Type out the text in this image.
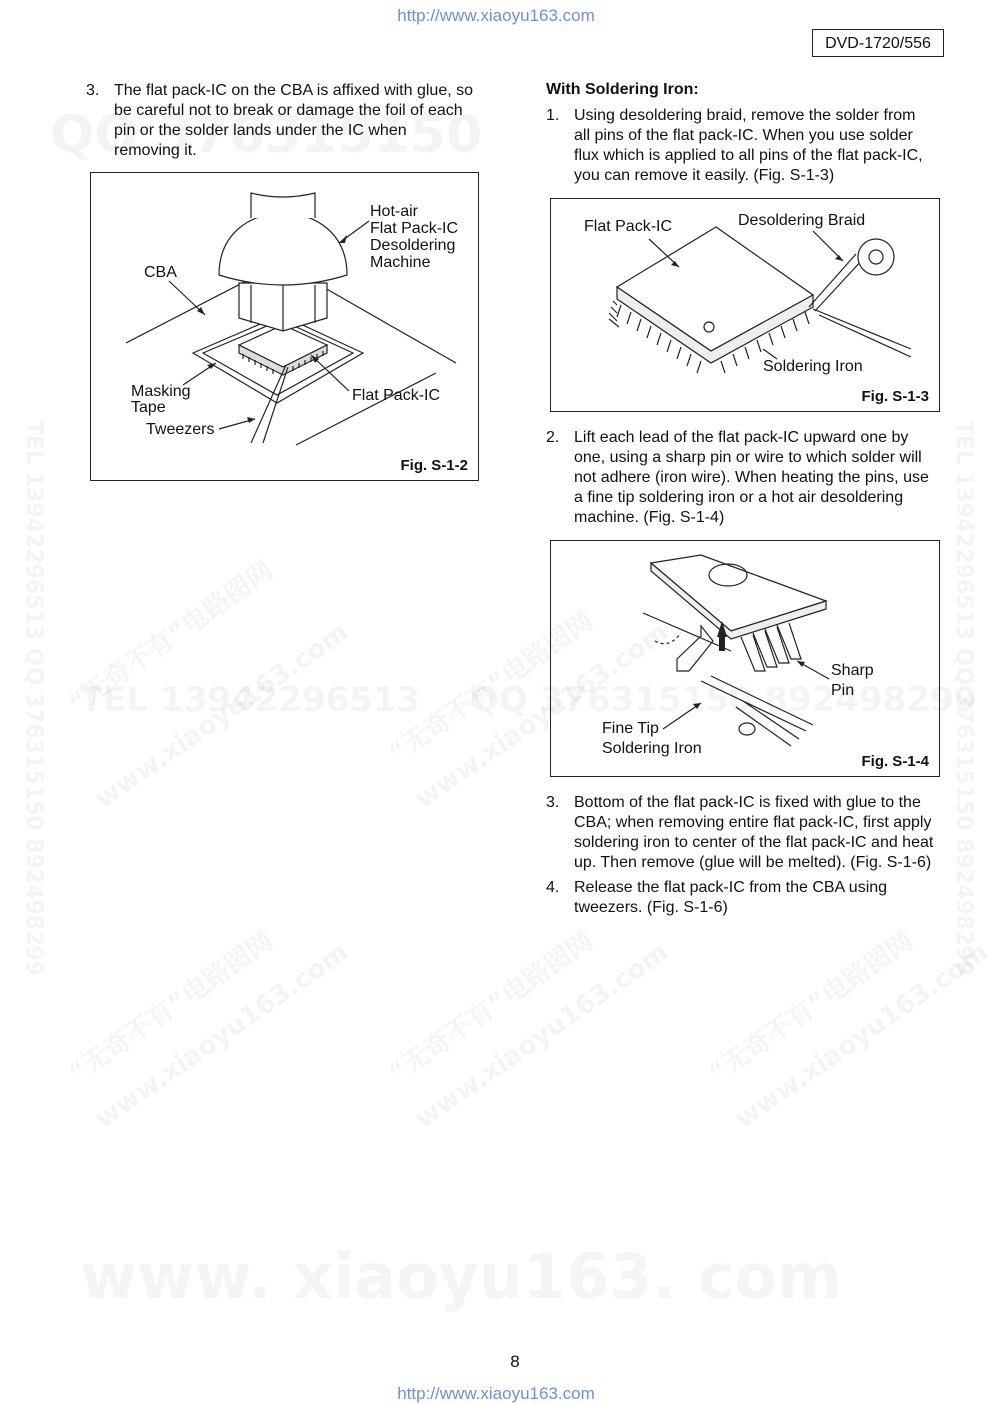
http://www.xiaoyu163.com
DVD-1720/556
3. The flat pack-IC on the CBA is affixed with glue, so
be careful not to break or damage the foil of each
pin or the solder lands under the IC when
removing it.
Hot-air
Flat Pack-IC
Desoldering
Machine
CBA
Masking
Tape
Flat Pack-IC
Tweezers
Fig. S-1-2
With Soldering Iron:
1. Using desoldering braid, remove the solder from
all pins of the flat pack-IC. When you use solder
flux which is applied to all pins of the flat pack-IC,
you can remove it easily. (Fig. S-1-3)
Flat Pack-IC	Desoldering Braid
Soldering Iron
Fig. S-1-3
2. Lift each lead of the flat pack-IC upward one by
one, using a sharp pin or wire to which solder will
not adhere (iron wire). When heating the pins, use
a fine tip soldering iron or a hot air desoldering
machine. (Fig. S-1-4)
Sharp
Pin
Fine Tip
Soldering Iron
Fig. S-1-4
3. Bottom of the flat pack-IC is fixed with glue to the
CBA; when removing entire flat pack-IC, first apply
soldering iron to center of the flat pack-IC and heat
up. Then remove (glue will be melted). (Fig. S-1-6)
4. Release the flat pack-IC from the CBA using
tweezers. (Fig. S-1-6)
8
http://www.xiaoyu163.com
